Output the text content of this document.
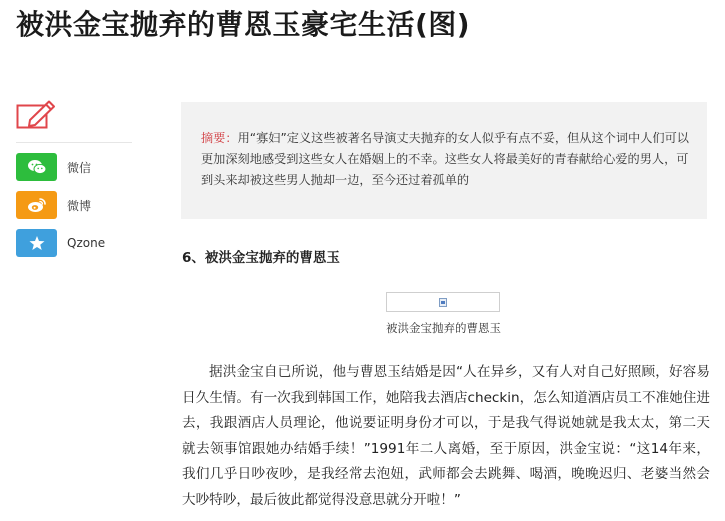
被洪金宝抛弃的曹恩玉豪宅生活(图)
微信
微博
Qzone
摘要：用“寡妇”定义这些被著名导演丈夫抛弃的女人似乎有点不妥，但从这个词中人们可以更加深刻地感受到这些女人在婚姻上的不幸。这些女人将最美好的青春献给心爱的男人，可到头来却被这些男人抛却一边，至今还过着孤单的
6、被洪金宝抛弃的曹恩玉
被洪金宝抛弃的曹恩玉
据洪金宝自已所说，他与曹恩玉结婚是因“人在异乡，又有人对自己好照顾，好容易日久生情。有一次我到韩国工作，她陪我去酒店checkin，怎么知道酒店员工不准她住进去，我跟酒店人员理论，他说要证明身份才可以，于是我气得说她就是我太太，第二天就去领事馆跟她办结婚手续！”1991年二人离婚，至于原因，洪金宝说：“这14年来，我们几乎日吵夜吵，是我经常去泡妞，武师都会去跳舞、喝酒，晚晚迟归、老婆当然会大吵特吵，最后彼此都觉得没意思就分开啦！”
